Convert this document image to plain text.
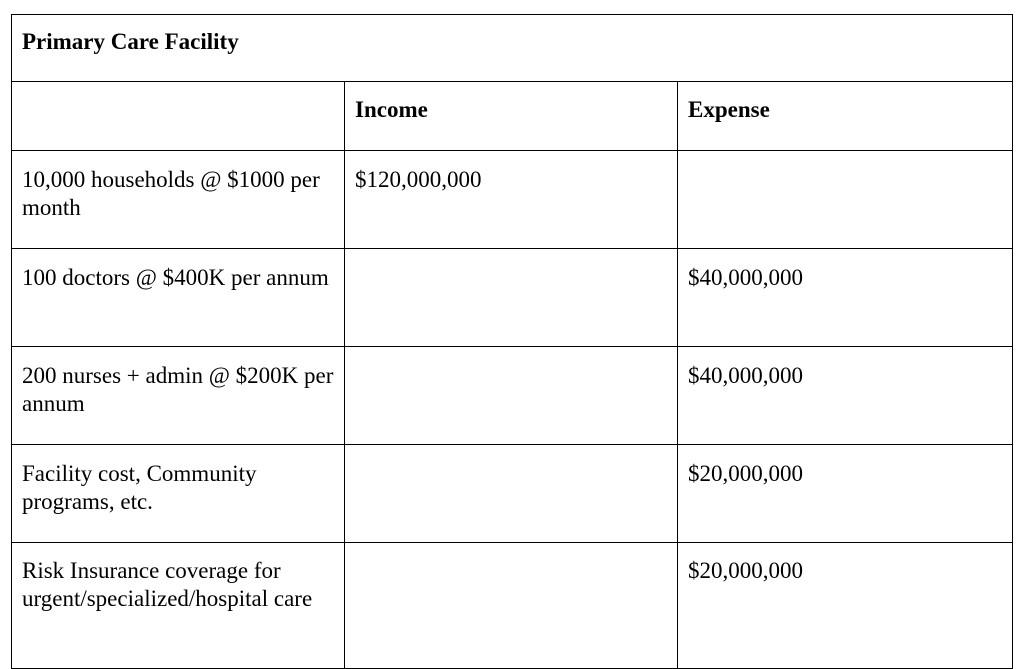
Primary Care Facility		
	Income	Expense
10,000 households @ $1000 per month	$120,000,000	
100 doctors @ $400K per annum		$40,000,000
200 nurses + admin @ $200K per annum		$40,000,000
Facility cost, Community programs, etc.		$20,000,000
Risk Insurance coverage for urgent/specialized/hospital care		$20,000,000
